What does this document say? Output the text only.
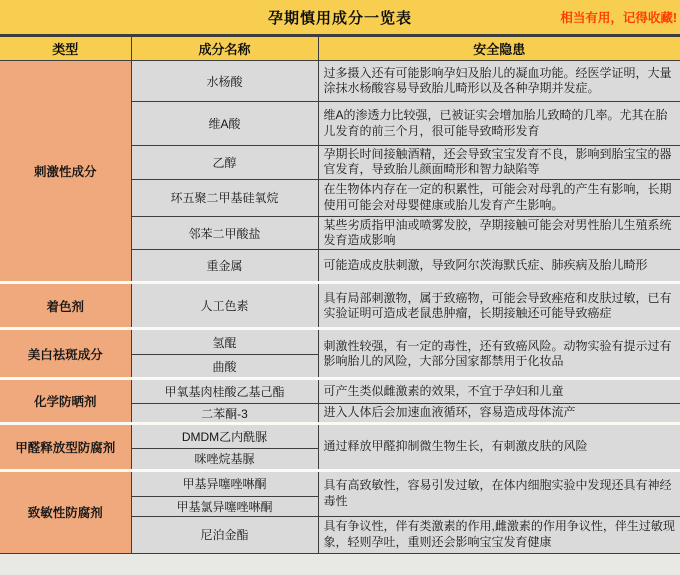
孕期慎用成分一览表	相当有用，记得收藏!
类型	成分名称	安全隐患
刺激性成分	水杨酸	过多摄入还有可能影响孕妇及胎儿的凝血功能。经医学证明，大量涂抹水杨酸容易导致胎儿畸形以及各种孕期并发症。
	维A酸	维A的渗透力比较强，已被证实会增加胎儿致畸的几率。尤其在胎儿发育的前三个月，很可能导致畸形发育
	乙醇	孕期长时间接触酒精，还会导致宝宝发育不良，影响到胎宝宝的器官发育，导致胎儿颜面畸形和智力缺陷等
	环五聚二甲基硅氧烷	在生物体内存在一定的积累性，可能会对母乳的产生有影响，长期使用可能会对母婴健康或胎儿发育产生影响。
	邻苯二甲酸盐	某些劣质指甲油或喷雾发胶，孕期接触可能会对男性胎儿生殖系统发育造成影响
	重金属	可能造成皮肤刺激，导致阿尔茨海默氏症、肺疾病及胎儿畸形
着色剂	人工色素	具有局部刺激物，属于致癌物，可能会导致痤疮和皮肤过敏，已有实验证明可造成老鼠患肿瘤，长期接触还可能导致癌症
美白祛斑成分	氢醌	刺激性较强，有一定的毒性，还有致癌风险。动物实验有提示过有影响胎儿的风险，大部分国家都禁用于化妆品
	曲酸	
化学防晒剂	甲氧基肉桂酸乙基己酯	可产生类似雌激素的效果，不宜于孕妇和儿童
	二苯酮-3	进入人体后会加速血液循环，容易造成母体流产
甲醛释放型防腐剂	DMDM乙内酰脲	通过释放甲醛抑制微生物生长，有刺激皮肤的风险
	咪唑烷基脲	
致敏性防腐剂	甲基异噻唑啉酮	具有高致敏性，容易引发过敏，在体内细胞实验中发现还具有神经毒性
	甲基氯异噻唑啉酮	
	尼泊金酯	具有争议性，伴有类激素的作用,雌激素的作用争议性，伴生过敏现象，轻则孕吐，重则还会影响宝宝发育健康
